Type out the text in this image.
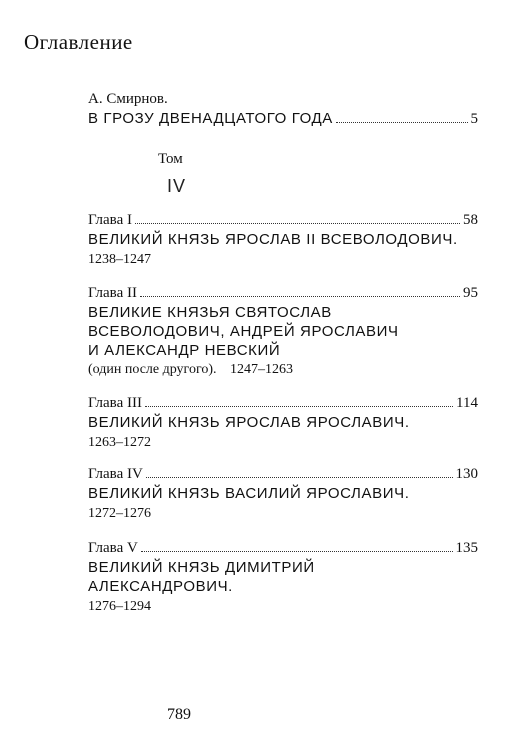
Оглавление
А. Смирнов.
В ГРОЗУ ДВЕНАДЦАТОГО ГОДА	5
Том
IV
Глава I	58
ВЕЛИКИЙ КНЯЗЬ ЯРОСЛАВ II ВСЕВОЛОДОВИЧ.
1238–1247
Глава II	95
ВЕЛИКИЕ КНЯЗЬЯ СВЯТОСЛАВ
ВСЕВОЛОДОВИЧ, АНДРЕЙ ЯРОСЛАВИЧ
И АЛЕКСАНДР НЕВСКИЙ
(один после другого). 1247–1263
Глава III	114
ВЕЛИКИЙ КНЯЗЬ ЯРОСЛАВ ЯРОСЛАВИЧ.
1263–1272
Глава IV	130
ВЕЛИКИЙ КНЯЗЬ ВАСИЛИЙ ЯРОСЛАВИЧ.
1272–1276
Глава V	135
ВЕЛИКИЙ КНЯЗЬ ДИМИТРИЙ
АЛЕКСАНДРОВИЧ.
1276–1294
789
